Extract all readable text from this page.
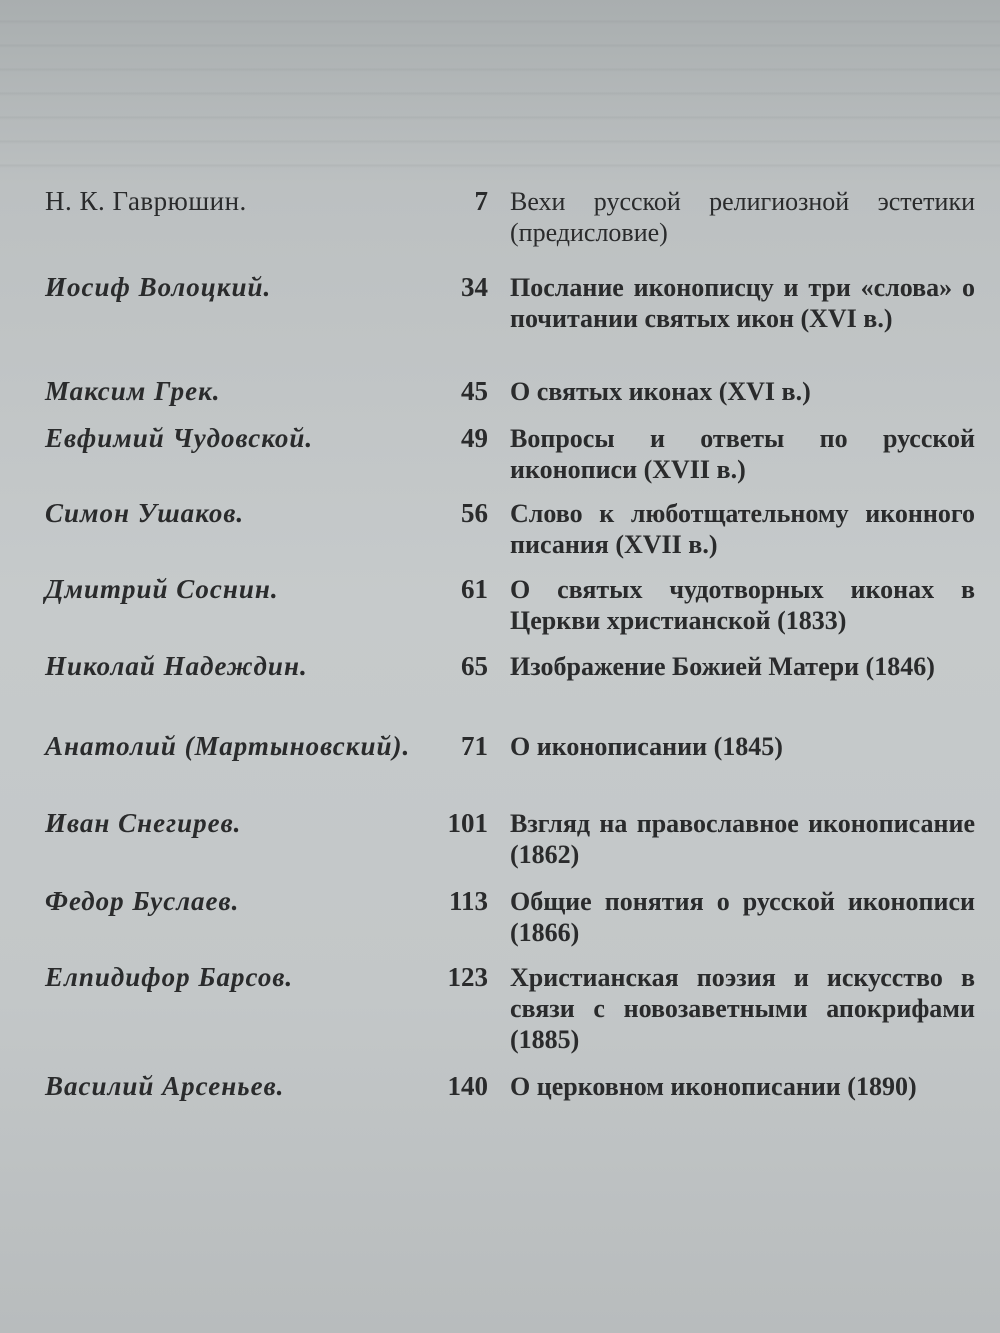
Н. К. Гаврюшин.	7 Вехи русской религиозной эстетики (предисловие)
Иосиф Волоцкий.	34 Послание иконописцу и три «слова» о почитании святых икон (XVI в.)
Максим Грек.	45 О святых иконах (XVI в.)
Евфимий Чудовской.	49 Вопросы и ответы по русской иконописи (XVII в.)
Симон Ушаков.	56 Слово к люботщательному иконного писания (XVII в.)
Дмитрий Соснин.	61 О святых чудотворных иконах в Церкви христианской (1833)
Николай Надеждин.	65 Изображение Божией Матери (1846)
Анатолий (Мартыновский).	71 О иконописании (1845)
Иван Снегирев.	101 Взгляд на православное иконописание (1862)
Федор Буслаев.	113 Общие понятия о русской иконописи (1866)
Елпидифор Барсов.	123 Христианская поэзия и искусство в связи с новозаветными апокрифами (1885)
Василий Арсеньев.	140 О церковном иконописании (1890)
